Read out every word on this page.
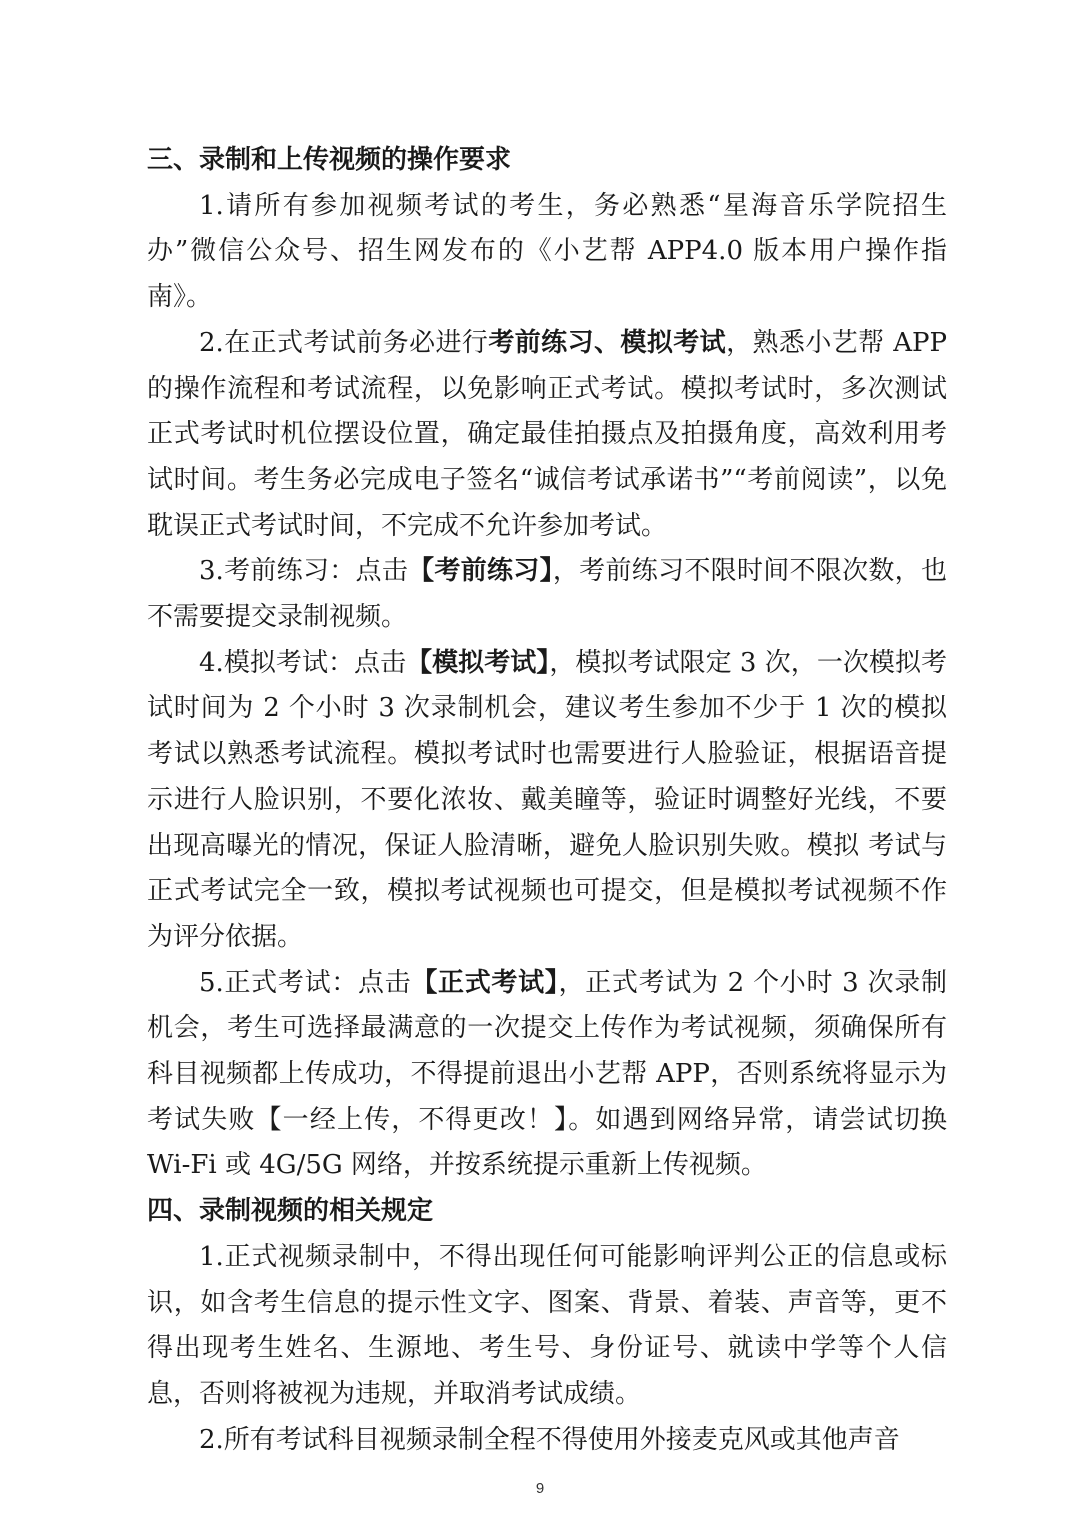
三、录制和上传视频的操作要求

1.请所有参加视频考试的考生，务必熟悉“星海音乐学院招生办”微信公众号、招生网发布的《小艺帮 APP4.0 版本用户操作指南》。

2.在正式考试前务必进行考前练习、模拟考试，熟悉小艺帮 APP 的操作流程和考试流程，以免影响正式考试。模拟考试时，多次测试正式考试时机位摆设位置，确定最佳拍摄点及拍摄角度，高效利用考试时间。考生务必完成电子签名“诚信考试承诺书”“考前阅读”，以免耽误正式考试时间，不完成不允许参加考试。

3.考前练习：点击【考前练习】，考前练习不限时间不限次数，也不需要提交录制视频。

4.模拟考试：点击【模拟考试】，模拟考试限定 3 次，一次模拟考试时间为 2 个小时 3 次录制机会，建议考生参加不少于 1 次的模拟考试以熟悉考试流程。模拟考试时也需要进行人脸验证，根据语音提示进行人脸识别，不要化浓妆、戴美瞳等，验证时调整好光线，不要出现高曝光的情况，保证人脸清晰，避免人脸识别失败。模拟 考试与正式考试完全一致，模拟考试视频也可提交，但是模拟考试视频不作为评分依据。

5.正式考试：点击【正式考试】，正式考试为 2 个小时 3 次录制机会，考生可选择最满意的一次提交上传作为考试视频，须确保所有科目视频都上传成功，不得提前退出小艺帮 APP，否则系统将显示为考试失败【一经上传，不得更改！】。如遇到网络异常，请尝试切换 Wi-Fi 或 4G/5G 网络，并按系统提示重新上传视频。

四、录制视频的相关规定

1.正式视频录制中，不得出现任何可能影响评判公正的信息或标识，如含考生信息的提示性文字、图案、背景、着装、声音等，更不得出现考生姓名、生源地、考生号、身份证号、就读中学等个人信息，否则将被视为违规，并取消考试成绩。

2.所有考试科目视频录制全程不得使用外接麦克风或其他声音

9
